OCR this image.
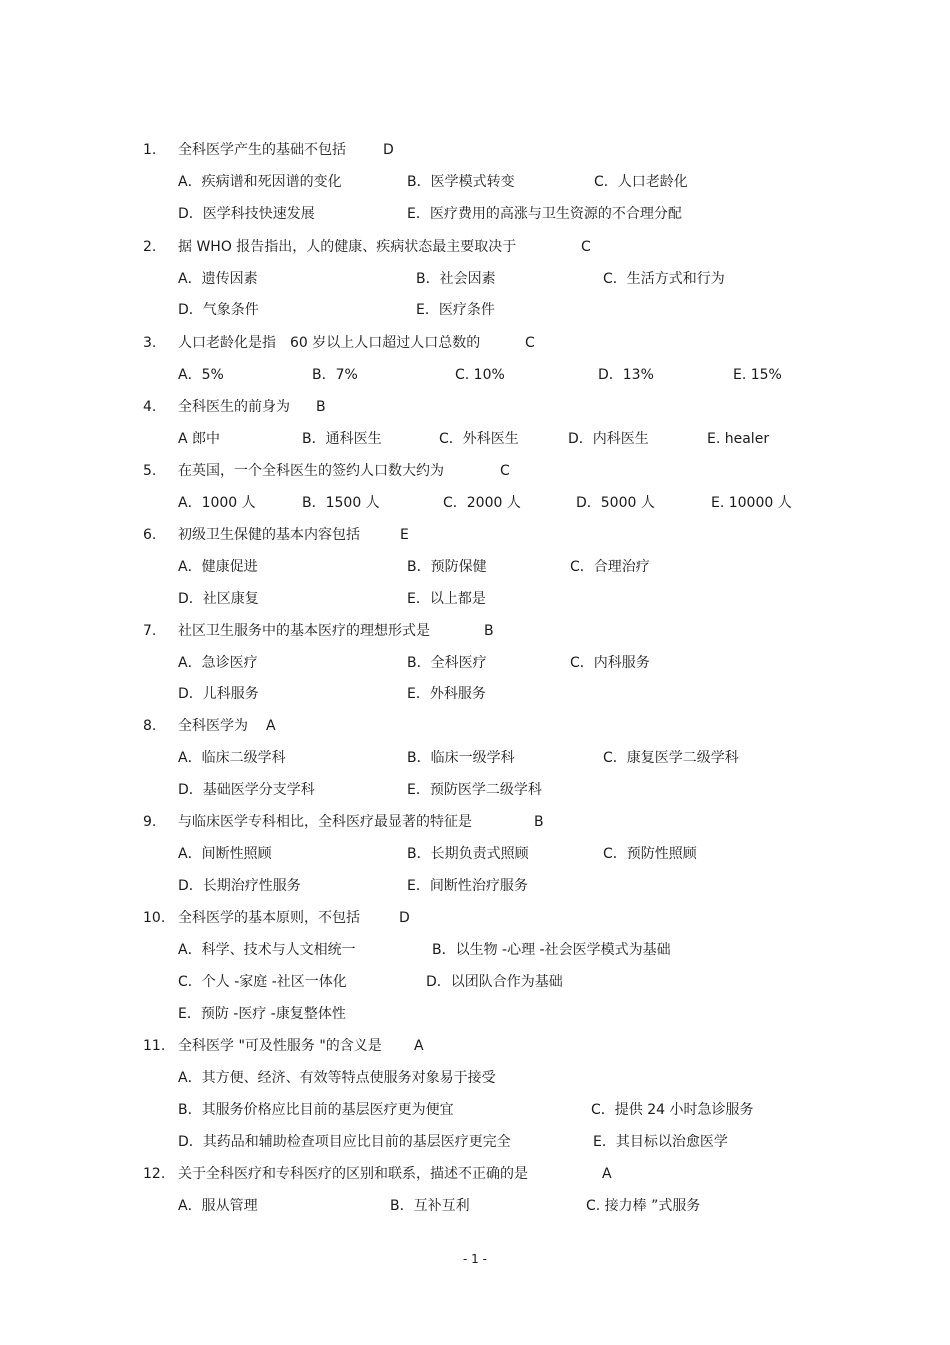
1. 全科医学产生的基础不包括	D
A．疾病谱和死因谱的变化	B．医学模式转变	C．人口老龄化
D．医学科技快速发展	E．医疗费用的高涨与卫生资源的不合理分配
2. 据 WHO 报告指出，人的健康、疾病状态最主要取决于	C
A．遗传因素	B．社会因素	C．生活方式和行为
D．气象条件	E．医疗条件
3. 人口老龄化是指　60 岁以上人口超过人口总数的	C
A．5%	B．7%	C. 10%	D．13%	E. 15%
4. 全科医生的前身为 B
A 郎中	B．通科医生	C．外科医生	D．内科医生	E. healer
5. 在英国，一个全科医生的签约人口数大约为	C
A．1000 人	B．1500 人	C．2000 人	D．5000 人	E. 10000 人
6. 初级卫生保健的基本内容包括	E
A．健康促进	B．预防保健	C．合理治疗
D．社区康复	E．以上都是
7. 社区卫生服务中的基本医疗的理想形式是	B
A．急诊医疗	B．全科医疗	C．内科服务
D．儿科服务	E．外科服务
8. 全科医学为 A
A．临床二级学科	B．临床一级学科	C．康复医学二级学科
D．基础医学分支学科	E．预防医学二级学科
9. 与临床医学专科相比，全科医疗最显著的特征是	B
A．间断性照顾	B．长期负责式照顾	C．预防性照顾
D．长期治疗性服务	E．间断性治疗服务
10. 全科医学的基本原则，不包括	D
A．科学、技术与人文相统一	B．以生物 -心理 -社会医学模式为基础
C．个人 -家庭 -社区一体化	D．以团队合作为基础
E．预防 -医疗 -康复整体性
11. 全科医学 "可及性服务 "的含义是 A
A．其方便、经济、有效等特点使服务对象易于接受
B．其服务价格应比目前的基层医疗更为便宜	C．提供 24 小时急诊服务
D．其药品和辅助检查项目应比目前的基层医疗更完全	E．其目标以治愈医学
12. 关于全科医疗和专科医疗的区别和联系，描述不正确的是	A
A．服从管理	B．互补互利	C. 接力棒 ”式服务
- 1 -
